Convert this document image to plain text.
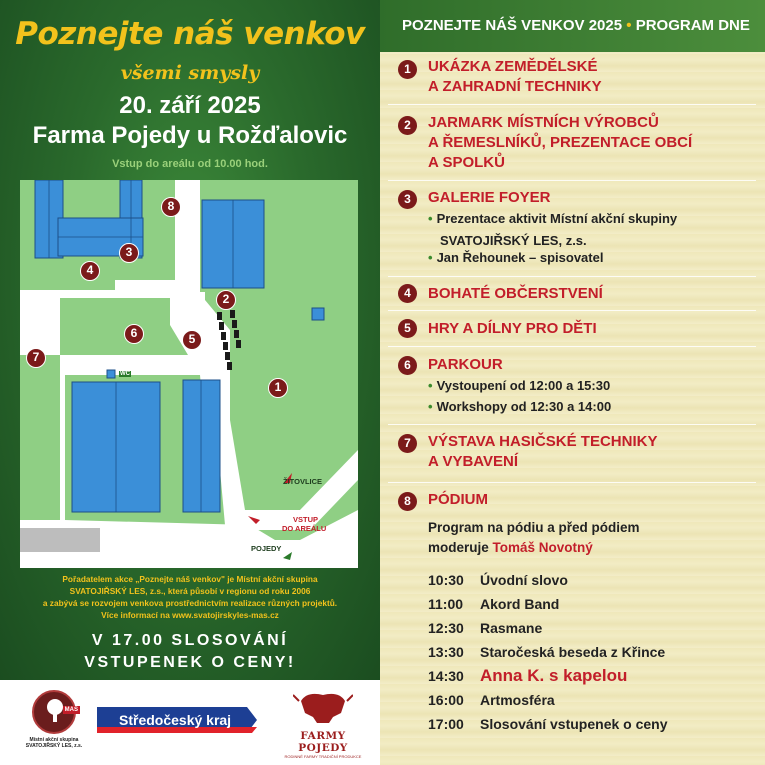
Poznejte náš venkov
všemi smysly
20. září 2025
Farma Pojedy u Rožďalovic
Vstup do areálu od 10.00 hod.
ŽITOVLICE
VSTUP
DO AREÁLU
POJEDY
WC
1
2
3
4
5
6
7
8
Pořadatelem akce „Poznejte náš venkov" je Místní akční skupina
SVATOJIŘSKÝ LES, z.s., která působí v regionu od roku 2006
a zabývá se rozvojem venkova prostřednictvím realizace různých projektů.
Více informací na www.svatojirskyles-mas.cz
V 17.00 SLOSOVÁNÍ
VSTUPENEK O CENY!
MAS
Místní akční skupina
SVATOJIŘSKÝ LES, z.s.
Středočeský kraj
FARMY POJEDY
RODINNÉ FARMY TRADIČNÍ PRODUKCE
POZNEJTE NÁŠ VENKOV 2025 • PROGRAM DNE
1	UKÁZKA ZEMĚDĚLSKÉ
A ZAHRADNÍ TECHNIKY
2	JARMARK MÍSTNÍCH VÝROBCŮ
A ŘEMESLNÍKŮ, PREZENTACE OBCÍ
A SPOLKŮ
3	GALERIE FOYER
• Prezentace aktivit Místní akční skupiny
SVATOJIŘSKÝ LES, z.s.
• Jan Řehounek – spisovatel
4	BOHATÉ OBČERSTVENÍ
5	HRY A DÍLNY PRO DĚTI
6	PARKOUR
• Vystoupení od 12:00 a 15:30
• Workshopy od 12:30 a 14:00
7	VÝSTAVA HASIČSKÉ TECHNIKY
A VYBAVENÍ
8	PÓDIUM
Program na pódiu a před pódiem
moderuje Tomáš Novotný
10:30 Úvodní slovo
11:00 Akord Band
12:30 Rasmane
13:30 Staročeská beseda z Křince
14:30 Anna K. s kapelou
16:00 Artmosféra
17:00 Slosování vstupenek o ceny
